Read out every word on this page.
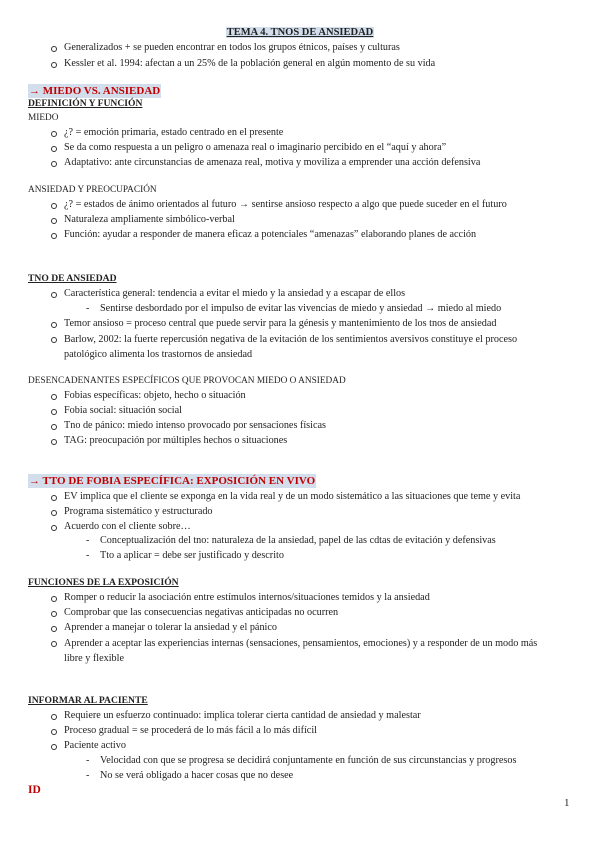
TEMA 4. TNOS DE ANSIEDAD
Generalizados + se pueden encontrar en todos los grupos étnicos, países y culturas
Kessler et al. 1994: afectan a un 25% de la población general en algún momento de su vida
→ MIEDO VS. ANSIEDAD
DEFINICIÓN Y FUNCIÓN
MIEDO
¿? = emoción primaria, estado centrado en el presente
Se da como respuesta a un peligro o amenaza real o imaginario percibido en el “aquí y ahora”
Adaptativo: ante circunstancias de amenaza real, motiva y moviliza a emprender una acción defensiva
ANSIEDAD Y PREOCUPACIÓN
¿? = estados de ánimo orientados al futuro → sentirse ansioso respecto a algo que puede suceder en el futuro
Naturaleza ampliamente simbólico-verbal
Función: ayudar a responder de manera eficaz a potenciales “amenazas” elaborando planes de acción
TNO DE ANSIEDAD
Característica general: tendencia a evitar el miedo y la ansiedad y a escapar de ellos
- Sentirse desbordado por el impulso de evitar las vivencias de miedo y ansiedad → miedo al miedo
Temor ansioso = proceso central que puede servir para la génesis y mantenimiento de los tnos de ansiedad
Barlow, 2002: la fuerte repercusión negativa de la evitación de los sentimientos aversivos constituye el proceso patológico alimenta los trastornos de ansiedad
DESENCADENANTES ESPECÍFICOS QUE PROVOCAN MIEDO O ANSIEDAD
Fobias específicas: objeto, hecho o situación
Fobia social: situación social
Tno de pánico: miedo intenso provocado por sensaciones físicas
TAG: preocupación por múltiples hechos o situaciones
→ TTO DE FOBIA ESPECÍFICA: EXPOSICIÓN EN VIVO
EV implica que el cliente se exponga en la vida real y de un modo sistemático a las situaciones que teme y evita
Programa sistemático y estructurado
Acuerdo con el cliente sobre…
- Conceptualización del tno: naturaleza de la ansiedad, papel de las cdtas de evitación y defensivas
- Tto a aplicar = debe ser justificado y descrito
FUNCIONES DE LA EXPOSICIÓN
Romper o reducir la asociación entre estímulos internos/situaciones temidos y la ansiedad
Comprobar que las consecuencias negativas anticipadas no ocurren
Aprender a manejar o tolerar la ansiedad y el pánico
Aprender a aceptar las experiencias internas (sensaciones, pensamientos, emociones) y a responder de un modo más libre y flexible
INFORMAR AL PACIENTE
Requiere un esfuerzo continuado: implica tolerar cierta cantidad de ansiedad y malestar
Proceso gradual = se procederá de lo más fácil a lo más difícil
Paciente activo
- Velocidad con que se progresa se decidirá conjuntamente en función de sus circunstancias y progresos
- No se verá obligado a hacer cosas que no desee
ID
1
